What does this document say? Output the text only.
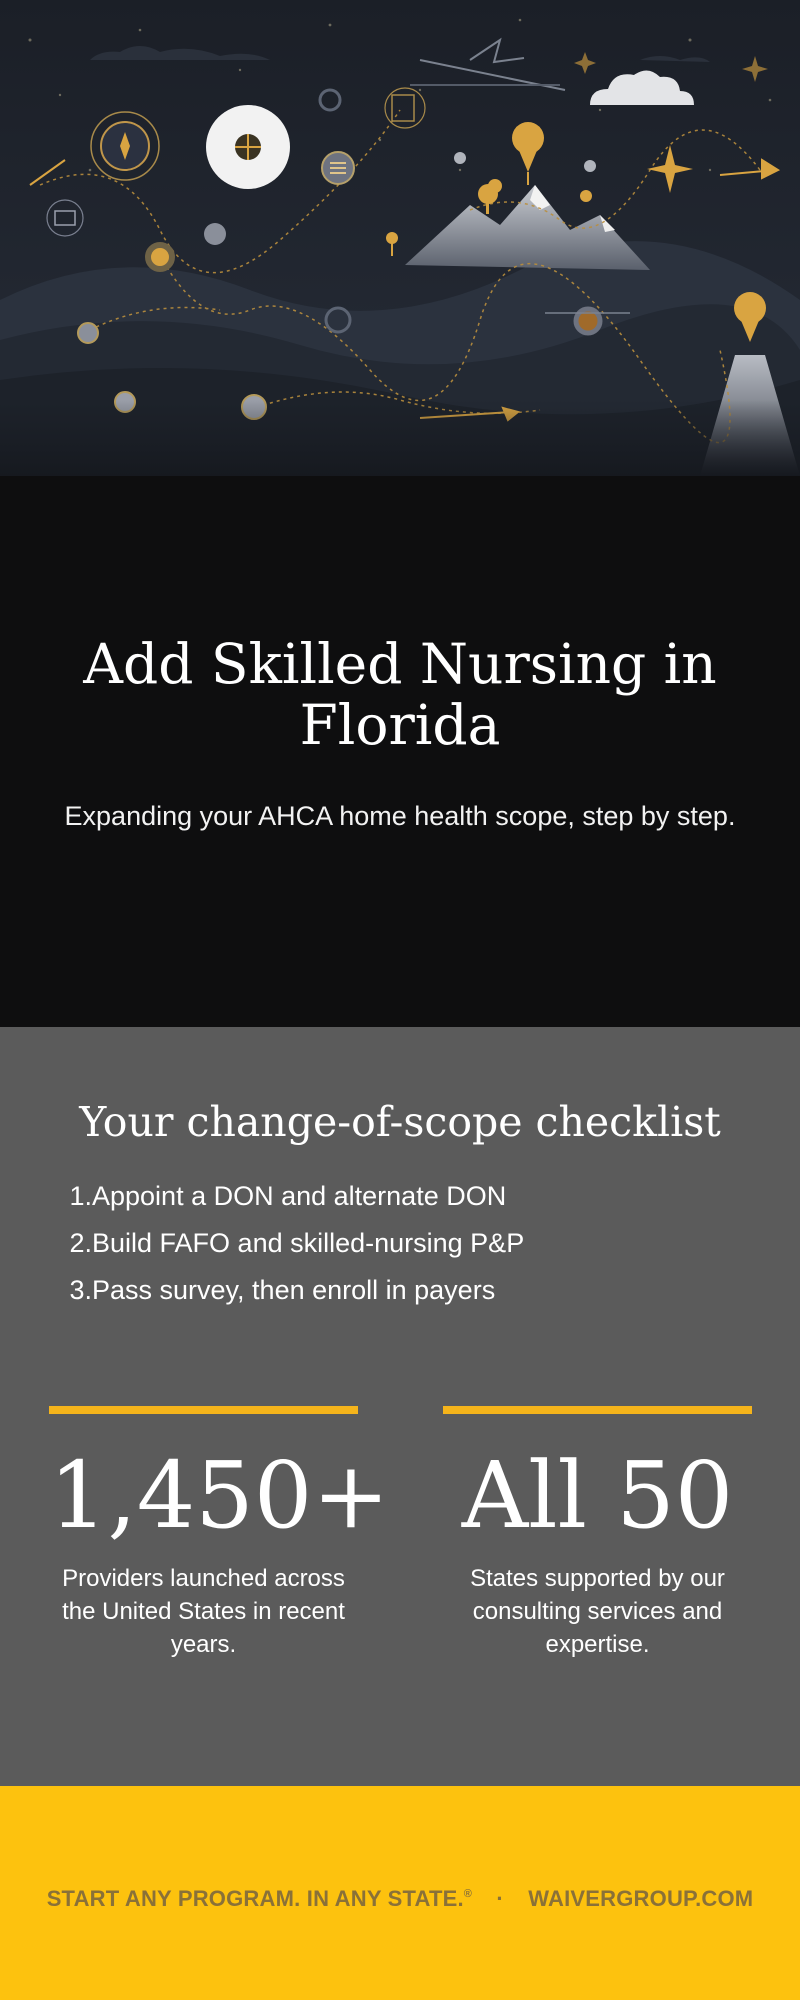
Add Skilled Nursing in Florida

Expanding your AHCA home health scope, step by step.

Your change-of-scope checklist
1. Appoint a DON and alternate DON
2. Build FAFO and skilled-nursing P&P
3. Pass survey, then enroll in payers
1,450+
Providers launched across the United States in recent years.
All 50
States supported by our consulting services and expertise.
START ANY PROGRAM. IN ANY STATE.® · WAIVERGROUP.COM
